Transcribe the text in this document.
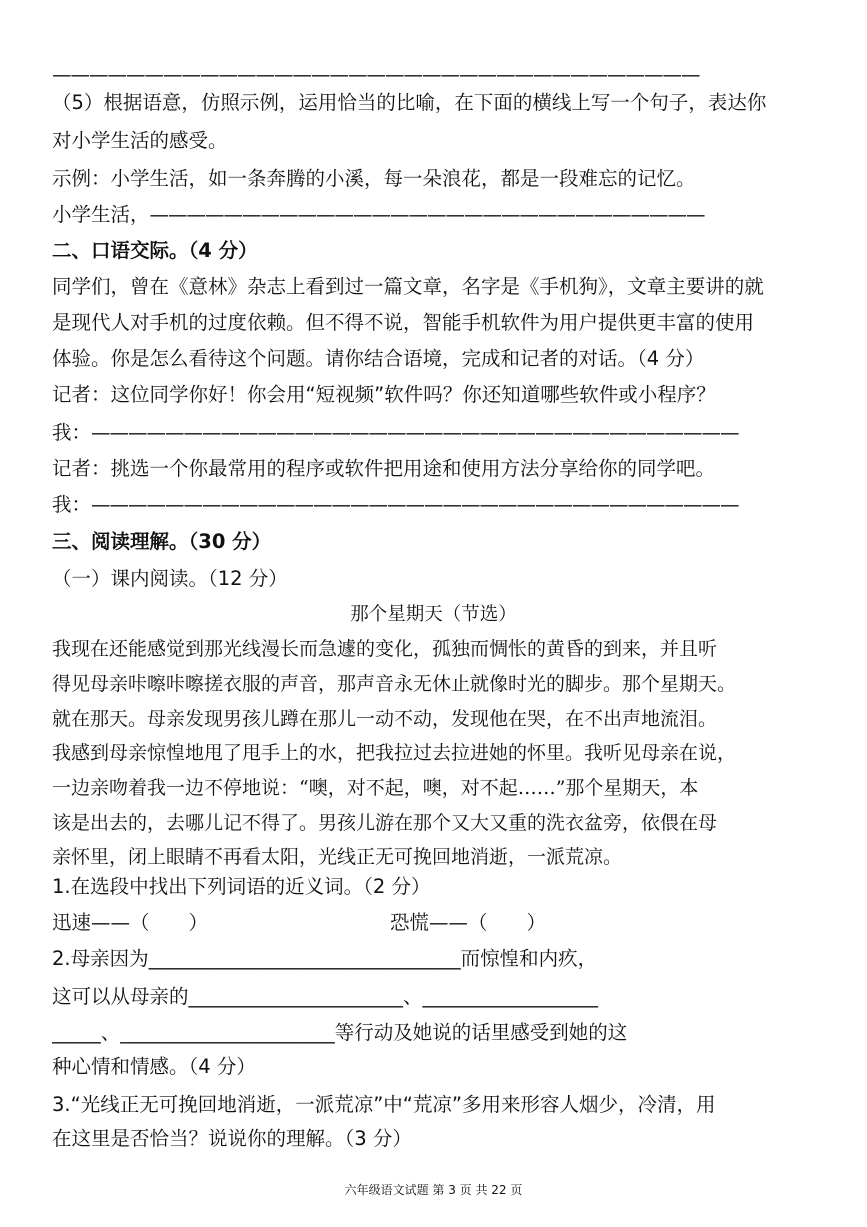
———————————————————————————————————
（5）根据语意，仿照示例，运用恰当的比喻，在下面的横线上写一个句子，表达你
对小学生活的感受。
示例：小学生活，如一条奔腾的小溪，每一朵浪花，都是一段难忘的记忆。
小学生活，——————————————————————————————
二、口语交际。（4 分）
同学们，曾在《意林》杂志上看到过一篇文章，名字是《手机狗》，文章主要讲的就
是现代人对手机的过度依赖。但不得不说，智能手机软件为用户提供更丰富的使用
体验。你是怎么看待这个问题。请你结合语境，完成和记者的对话。（4 分）
记者：这位同学你好！你会用“短视频”软件吗？你还知道哪些软件或小程序？
我：———————————————————————————————————
记者：挑选一个你最常用的程序或软件把用途和使用方法分享给你的同学吧。
我：———————————————————————————————————
三、阅读理解。（30 分）
（一）课内阅读。（12 分）
那个星期天（节选）
我现在还能感觉到那光线漫长而急遽的变化，孤独而惆怅的黄昏的到来，并且听
得见母亲咔嚓咔嚓搓衣服的声音，那声音永无休止就像时光的脚步。那个星期天。
就在那天。母亲发现男孩儿蹲在那儿一动不动，发现他在哭，在不出声地流泪。
我感到母亲惊惶地甩了甩手上的水，把我拉过去拉进她的怀里。我听见母亲在说，
一边亲吻着我一边不停地说：“噢，对不起，噢，对不起……”那个星期天，本
该是出去的，去哪儿记不得了。男孩儿游在那个又大又重的洗衣盆旁，依偎在母
亲怀里，闭上眼睛不再看太阳，光线正无可挽回地消逝，一派荒凉。
1.在选段中找出下列词语的近义词。（2 分）
迅速——（　　）	恐慌——（　　）
2.母亲因为________________________________而惊惶和内疚，
这可以从母亲的______________________、__________________
_____、______________________等行动及她说的话里感受到她的这
种心情和情感。（4 分）
3.“光线正无可挽回地消逝，一派荒凉”中“荒凉”多用来形容人烟少，冷清，用
在这里是否恰当？说说你的理解。（3 分）
六年级语文试题 第 3 页 共 22 页
